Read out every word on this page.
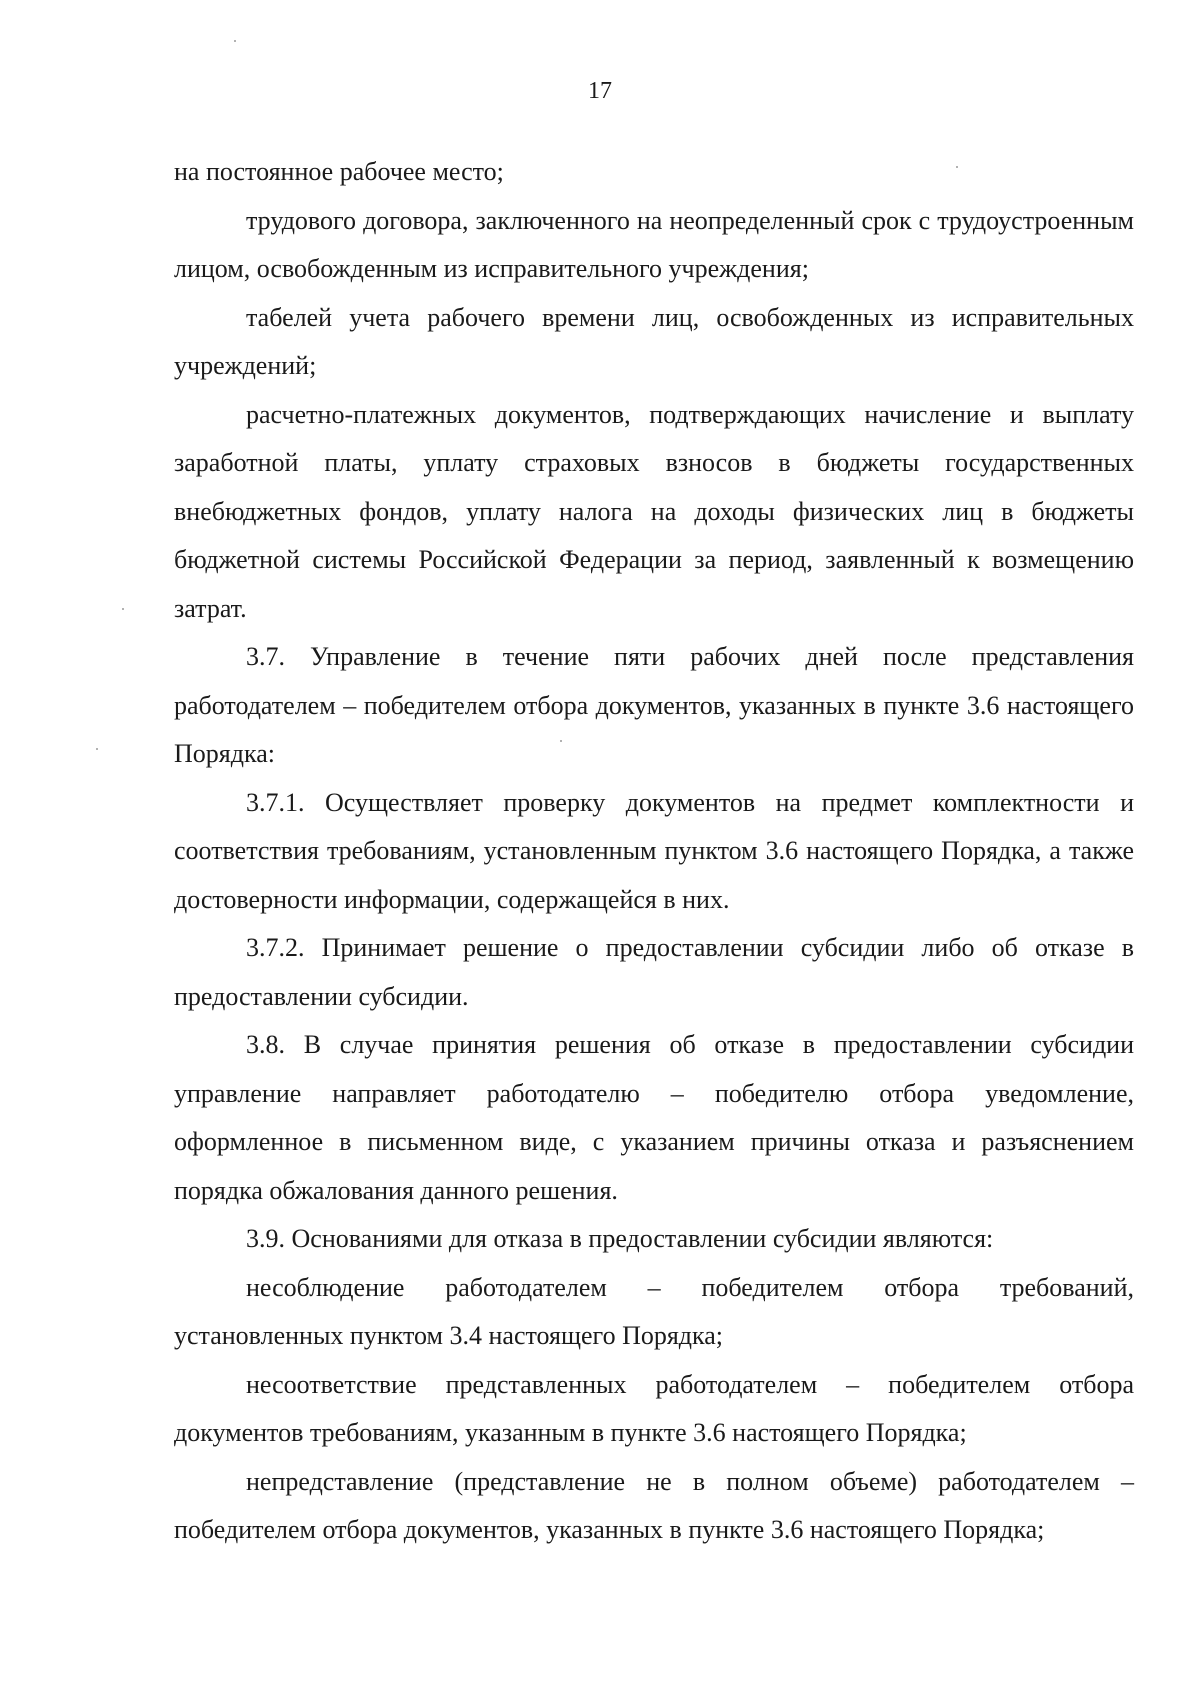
17

на постоянное рабочее место;

трудового договора, заключенного на неопределенный срок с трудоустроенным лицом, освобожденным из исправительного учреждения;

табелей учета рабочего времени лиц, освобожденных из исправительных учреждений;

расчетно-платежных документов, подтверждающих начисление и выплату заработной платы, уплату страховых взносов в бюджеты государственных внебюджетных фондов, уплату налога на доходы физических лиц в бюджеты бюджетной системы Российской Федерации за период, заявленный к возмещению затрат.

3.7. Управление в течение пяти рабочих дней после представления работодателем – победителем отбора документов, указанных в пункте 3.6 настоящего Порядка:

3.7.1. Осуществляет проверку документов на предмет комплектности и соответствия требованиям, установленным пунктом 3.6 настоящего Порядка, а также достоверности информации, содержащейся в них.

3.7.2. Принимает решение о предоставлении субсидии либо об отказе в предоставлении субсидии.

3.8. В случае принятия решения об отказе в предоставлении субсидии управление направляет работодателю – победителю отбора уведомление, оформленное в письменном виде, с указанием причины отказа и разъяснением порядка обжалования данного решения.

3.9. Основаниями для отказа в предоставлении субсидии являются:

несоблюдение работодателем – победителем отбора требований, установленных пунктом 3.4 настоящего Порядка;

несоответствие представленных работодателем – победителем отбора документов требованиям, указанным в пункте 3.6 настоящего Порядка;

непредставление (представление не в полном объеме) работодателем – победителем отбора документов, указанных в пункте 3.6 настоящего Порядка;
